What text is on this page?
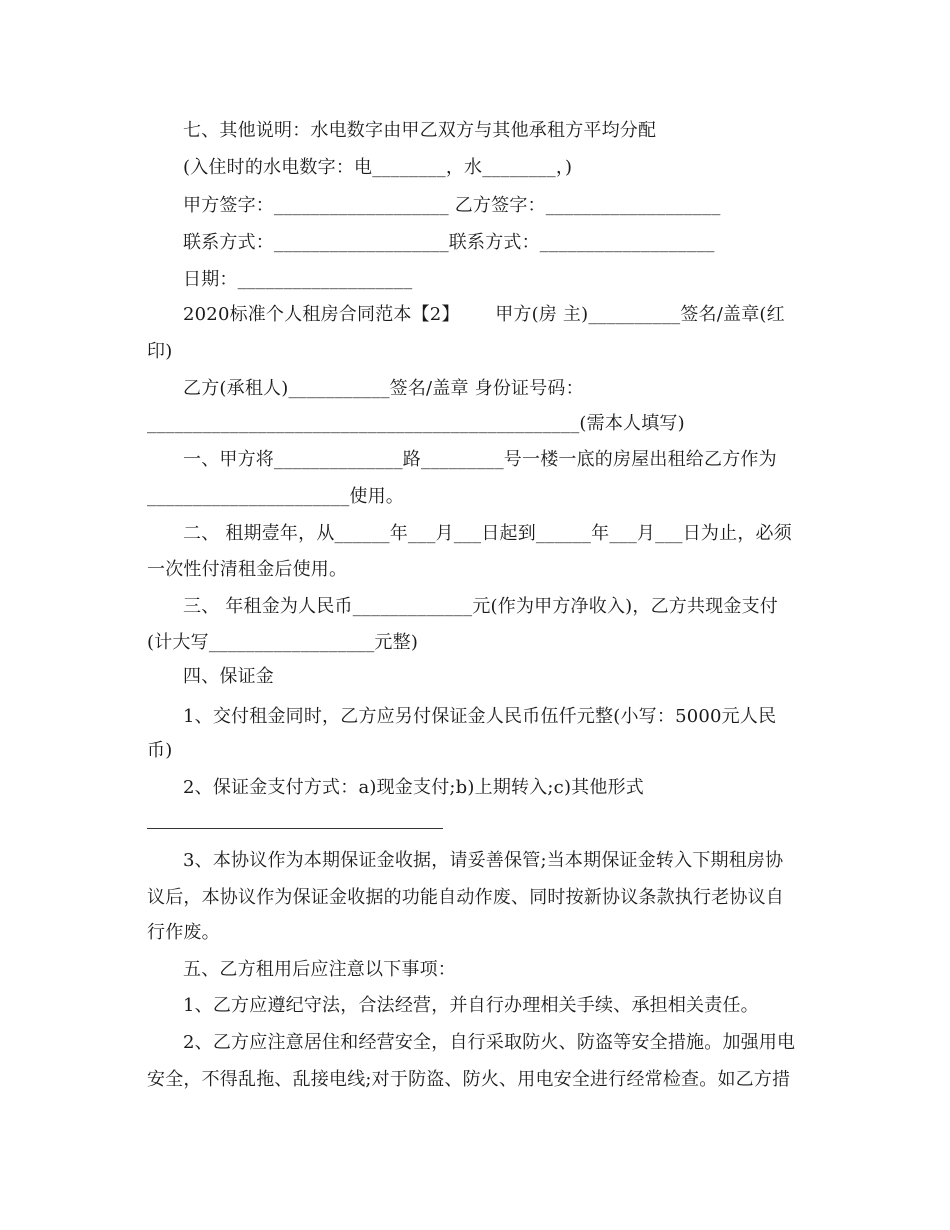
七、其他说明：水电数字由甲乙双方与其他承租方平均分配
(入住时的水电数字：电________，水________，)
甲方签字：___________________ 乙方签字：___________________
联系方式：___________________联系方式：___________________
日期：___________________
2020标准个人租房合同范本【2】      甲方(房 主)__________签名/盖章(红
印)
乙方(承租人)___________签名/盖章 身份证号码：
_______________________________________________(需本人填写)
一、甲方将______________路_________号一楼一底的房屋出租给乙方作为
______________________使用。
二、 租期壹年，从______年___月___日起到______年___月___日为止，必须
一次性付清租金后使用。
三、 年租金为人民币_____________元(作为甲方净收入)，乙方共现金支付
(计大写__________________元整)
四、保证金
1、交付租金同时，乙方应另付保证金人民币伍仟元整(小写：5000元人民
币)
2、保证金支付方式：a)现金支付;b)上期转入;c)其他形式
3、本协议作为本期保证金收据，请妥善保管;当本期保证金转入下期租房协
议后，本协议作为保证金收据的功能自动作废、同时按新协议条款执行老协议自
行作废。
五、乙方租用后应注意以下事项：
1、乙方应遵纪守法，合法经营，并自行办理相关手续、承担相关责任。
2、乙方应注意居住和经营安全，自行采取防火、防盗等安全措施。加强用电
安全，不得乱拖、乱接电线;对于防盗、防火、用电安全进行经常检查。如乙方措
